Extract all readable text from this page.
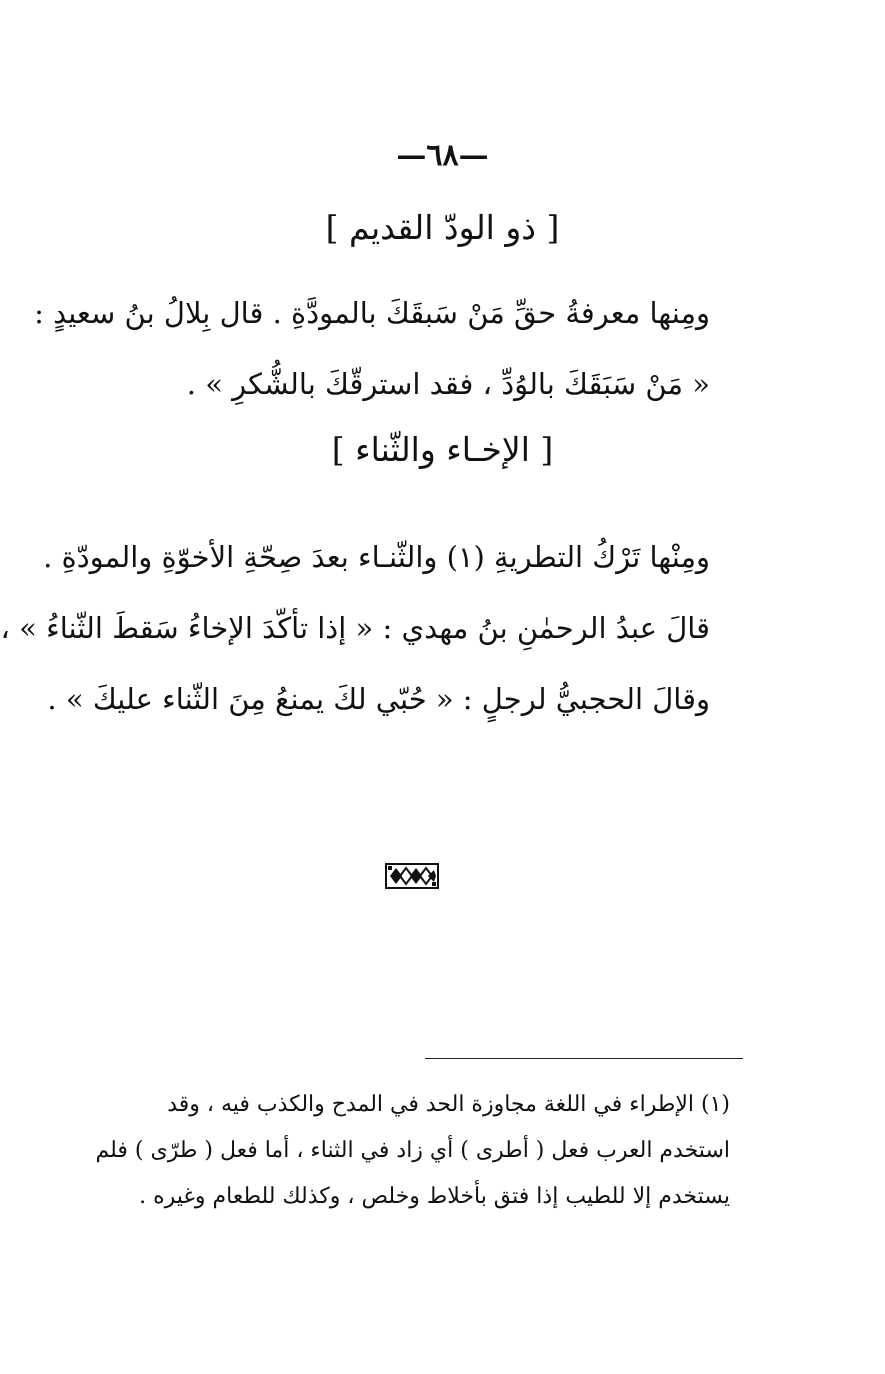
—٦٨—
[ ذو الودّ القديم ]

ومِنها معرفةُ حقِّ مَنْ سَبقَكَ بالمودَّةِ . قال بِلالُ بنُ سعيدٍ :
« مَنْ سَبَقَكَ بالوُدِّ ، فقد استرقّكَ بالشُّكرِ » .

[ الإخـاء والثّناء ]

ومِنْها تَرْكُ التطريةِ (١) والثّنـاء بعدَ صِحّةِ الأخوّةِ والمودّةِ .
قالَ عبدُ الرحمٰنِ بنُ مهدي : « إذا تأكّدَ الإخاءُ سَقطَ الثّناءُ » ،
وقالَ الحجبيُّ لرجلٍ : « حُبّي لكَ يمنعُ مِنَ الثّناء عليكَ » .

(١) الإطراء في اللغة مجاوزة الحد في المدح والكذب فيه ، وقد
استخدم العرب فعل ( أطرى ) أي زاد في الثناء ، أما فعل ( طرّى ) فلم
يستخدم إلا للطيب إذا فتق بأخلاط وخلص ، وكذلك للطعام وغيره .
